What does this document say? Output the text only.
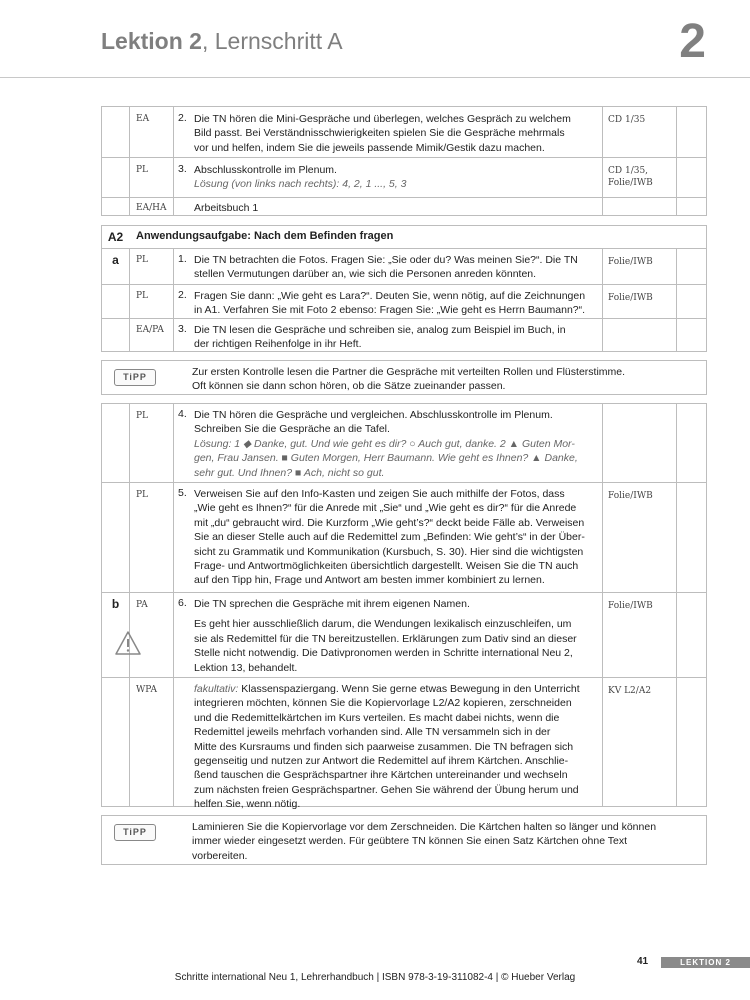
Lektion 2, Lernschritt A	2
EA	2. Die TN hören die Mini-Gespräche und überlegen, welches Gespräch zu welchem
Bild passt. Bei Verständnisschwierigkeiten spielen Sie die Gespräche mehrmals
vor und helfen, indem Sie die jeweils passende Mimik/Gestik dazu machen.
CD 1/35
PL	3. Abschlusskontrolle im Plenum.
Lösung (von links nach rechts): 4, 2, 1 ..., 5, 3
CD 1/35,
Folie/IWB
EA/HA	Arbeitsbuch 1
A2	Anwendungsaufgabe: Nach dem Befinden fragen
a	PL	1. Die TN betrachten die Fotos. Fragen Sie: „Sie oder du? Was meinen Sie?“. Die TN
stellen Vermutungen darüber an, wie sich die Personen anreden könnten.
Folie/IWB
PL	2. Fragen Sie dann: „Wie geht es Lara?“. Deuten Sie, wenn nötig, auf die Zeichnungen
in A1. Verfahren Sie mit Foto 2 ebenso: Fragen Sie: „Wie geht es Herrn Baumann?“.
Folie/IWB
EA/PA 3. Die TN lesen die Gespräche und schreiben sie, analog zum Beispiel im Buch, in
der richtigen Reihenfolge in ihr Heft.
TiPP	Zur ersten Kontrolle lesen die Partner die Gespräche mit verteilten Rollen und Flüsterstimme.
Oft können sie dann schon hören, ob die Sätze zueinander passen.
PL	4. Die TN hören die Gespräche und vergleichen. Abschlusskontrolle im Plenum.
Schreiben Sie die Gespräche an die Tafel.
Lösung: 1 ◆ Danke, gut. Und wie geht es dir? ○ Auch gut, danke. 2 ▲ Guten Mor-
gen, Frau Jansen. ■ Guten Morgen, Herr Baumann. Wie geht es Ihnen? ▲ Danke,
sehr gut. Und Ihnen? ■ Ach, nicht so gut.
PL	5. Verweisen Sie auf den Info-Kasten und zeigen Sie auch mithilfe der Fotos, dass
„Wie geht es Ihnen?“ für die Anrede mit „Sie“ und „Wie geht es dir?“ für die Anrede
mit „du“ gebraucht wird. Die Kurzform „Wie geht’s?“ deckt beide Fälle ab. Verweisen
Sie an dieser Stelle auch auf die Redemittel zum „Befinden: Wie geht’s“ in der Über-
sicht zu Grammatik und Kommunikation (Kursbuch, S. 30). Hier sind die wichtigsten
Frage- und Antwortmöglichkeiten übersichtlich dargestellt. Weisen Sie die TN auch
auf den Tipp hin, Frage und Antwort am besten immer kombiniert zu lernen.
Folie/IWB
b	PA	6. Die TN sprechen die Gespräche mit ihrem eigenen Namen.
Es geht hier ausschließlich darum, die Wendungen lexikalisch einzuschleifen, um
sie als Redemittel für die TN bereitzustellen. Erklärungen zum Dativ sind an dieser
Stelle nicht notwendig. Die Dativpronomen werden in Schritte international Neu 2,
Lektion 13, behandelt.
Folie/IWB
WPA	fakultativ: Klassenspaziergang. Wenn Sie gerne etwas Bewegung in den Unterricht
integrieren möchten, können Sie die Kopiervorlage L2/A2 kopieren, zerschneiden
und die Redemittelkärtchen im Kurs verteilen. Es macht dabei nichts, wenn die
Redemittel jeweils mehrfach vorhanden sind. Alle TN versammeln sich in der
Mitte des Kursraums und finden sich paarweise zusammen. Die TN befragen sich
gegenseitig und nutzen zur Antwort die Redemittel auf ihrem Kärtchen. Anschlie-
ßend tauschen die Gesprächspartner ihre Kärtchen untereinander und wechseln
zum nächsten freien Gesprächspartner. Gehen Sie während der Übung herum und
helfen Sie, wenn nötig.
KV L2/A2
TiPP	Laminieren Sie die Kopiervorlage vor dem Zerschneiden. Die Kärtchen halten so länger und können
immer wieder eingesetzt werden. Für geübtere TN können Sie einen Satz Kärtchen ohne Text
vorbereiten.
41	LEKTION 2
Schritte international Neu 1, Lehrerhandbuch | ISBN 978-3-19-311082-4 | © Hueber Verlag
